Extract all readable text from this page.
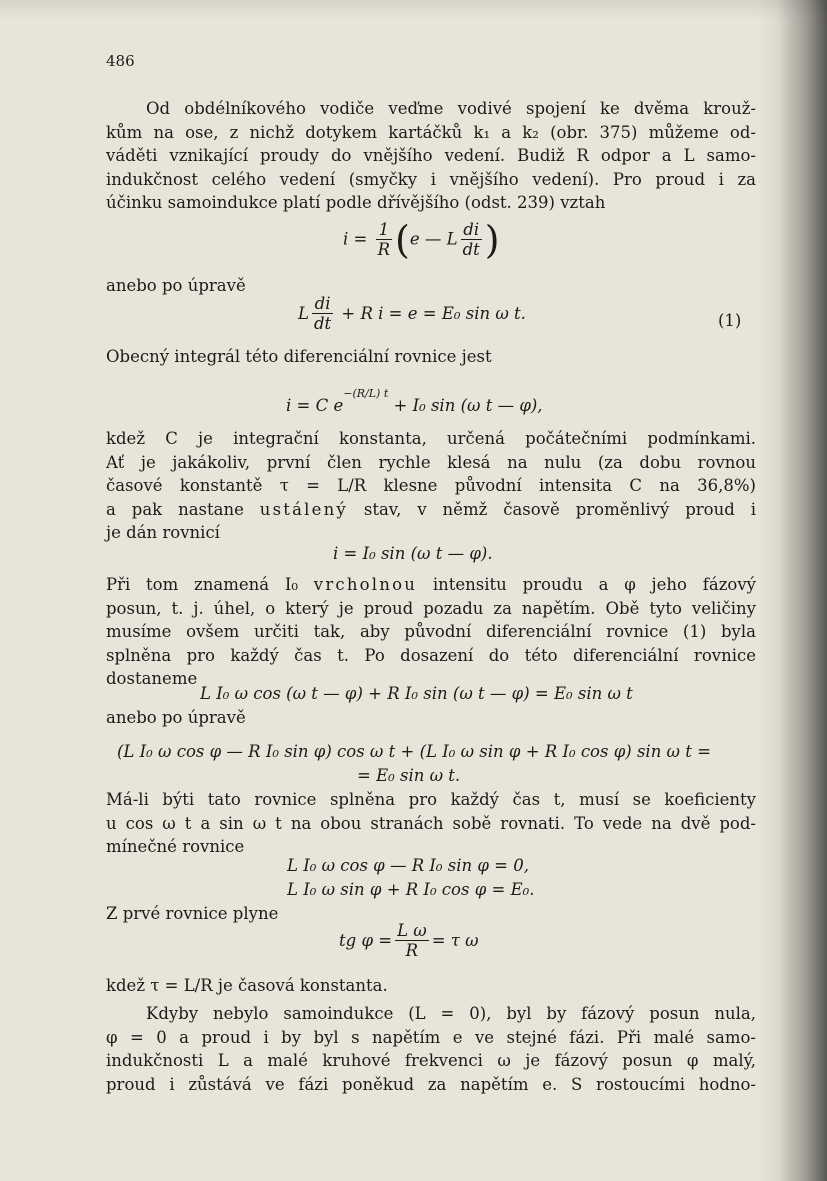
486
Od obdélníkového vodiče veďme vodivé spojení ke dvěma krouž-
kům na ose, z nichž dotykem kartáčků k₁ a k₂ (obr. 375) můžeme od-
váděti vznikající proudy do vnějšího vedení. Budiž R odpor a L samo-
indukčnost celého vedení (smyčky i vnějšího vedení). Pro proud i za
účinku samoindukce platí podle dřívějšího (odst. 239) vztah
$i = \frac{1}{R} (e$ — L $\frac{di}{dt}$ )
anebo po úpravě
L $\frac{di}{dt} + R$ i = e = E₀ sin ω t.	(1)
Obecný integrál této diferenciální rovnice jest
i = C $e^{-(R/L) t} + I_0$ sin (ω t — φ),
kdež C je integrační konstanta, určená počátečními podmínkami.
Ať je jakákoliv, první člen rychle klesá na nulu (za dobu rovnou
časové konstantě τ = L/R klesne původní intensita C na 36,8%)
a pak nastane ustálený stav, v němž časově proměnlivý proud i
je dán rovnicí
i = I₀ sin (ω t — φ).
Při tom znamená I₀ vrcholnou intensitu proudu a φ jeho fázový
posun, t. j. úhel, o který je proud pozadu za napětím. Obě tyto veličiny
musíme ovšem určiti tak, aby původní diferenciální rovnice (1) byla
splněna pro každý čas t. Po dosazení do této diferenciální rovnice
dostaneme
L I₀ ω cos (ω t — φ) + R I₀ sin (ω t — φ) = E₀ sin ω t
anebo po úpravě
(L I₀ ω cos φ — R I₀ sin φ) cos ω t + (L I₀ ω sin φ + R I₀ cos φ) sin ω t =
= E₀ sin ω t.
Má-li býti tato rovnice splněna pro každý čas t, musí se koeficienty
u cos ω t a sin ω t na obou stranách sobě rovnati. To vede na dvě pod-
mínečné rovnice
L I₀ ω cos φ — R I₀ sin φ = 0,
L I₀ ω sin φ + R I₀ cos φ = E₀.
Z prvé rovnice plyne
tg $\varphi = \frac{\text{L ω}}{R} = \tau$ ω
kdež τ = L/R je časová konstanta.
Kdyby nebylo samoindukce (L = 0), byl by fázový posun nula,
φ = 0 a proud i by byl s napětím e ve stejné fázi. Při malé samo-
indukčnosti L a malé kruhové frekvenci ω je fázový posun φ malý,
proud i zůstává ve fázi poněkud za napětím e. S rostoucími hodno-
